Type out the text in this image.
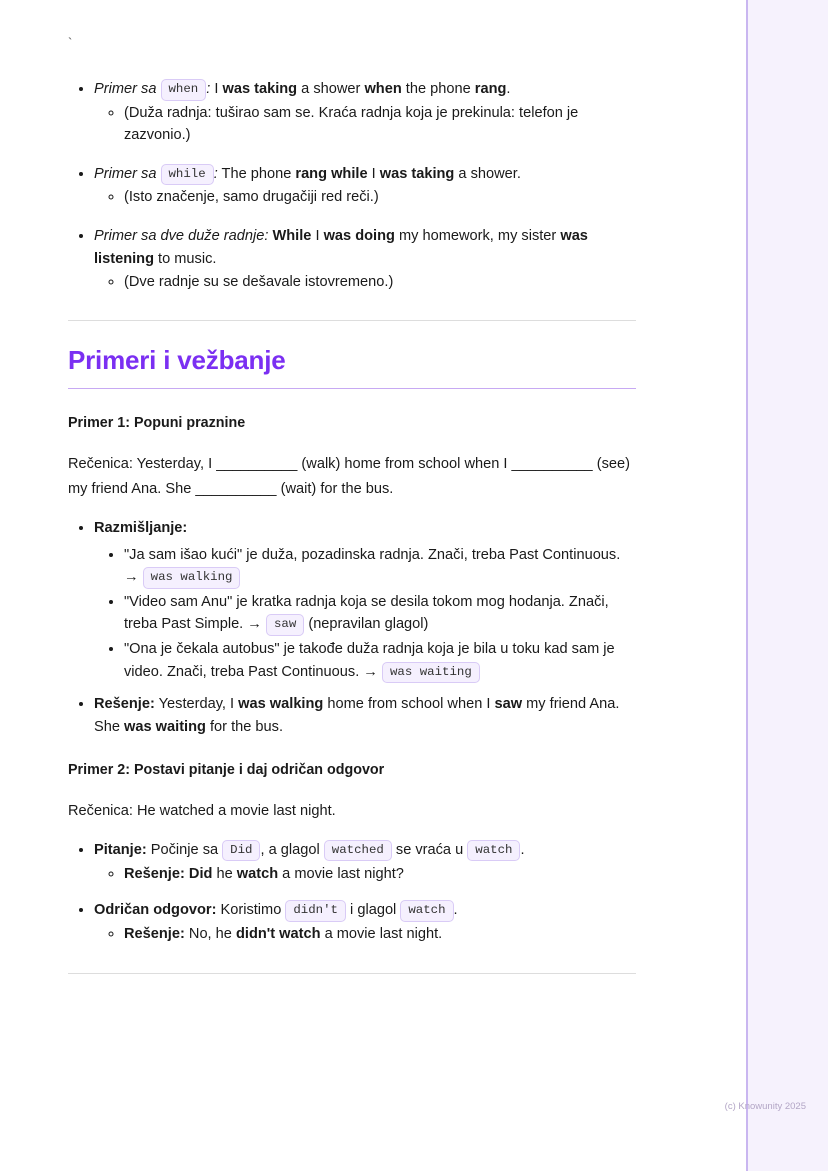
`
• Primer sa when : I was taking a shower when the phone rang.
◦ (Duža radnja: tuširao sam se. Kraća radnja koja je prekinula: telefon je zazvonio.)
• Primer sa while : The phone rang while I was taking a shower.
◦ (Isto značenje, samo drugačiji red reči.)
• Primer sa dve duže radnje: While I was doing my homework, my sister was listening to music.
◦ (Dve radnje su se dešavale istovremeno.)
Primeri i vežbanje

Primer 1: Popuni praznine

Rečenica: Yesterday, I __________ (walk) home from school when I __________ (see) my friend Ana. She __________ (wait) for the bus.

• Razmišljanje:
• "Ja sam išao kući" je duža, pozadinska radnja. Znači, treba Past Continuous. → was walking
• "Video sam Anu" je kratka radnja koja se desila tokom mog hodanja. Znači, treba Past Simple. → saw (nepravilan glagol)
• "Ona je čekala autobus" je takođe duža radnja koja je bila u toku kad sam je video. Znači, treba Past Continuous. → was waiting
• Rešenje: Yesterday, I was walking home from school when I saw my friend Ana. She was waiting for the bus.

Primer 2: Postavi pitanje i daj odričan odgovor

Rečenica: He watched a movie last night.

• Pitanje: Počinje sa Did , a glagol watched se vraća u watch .
◦ Rešenje: Did he watch a movie last night?
• Odričan odgovor: Koristimo didn't i glagol watch .
◦ Rešenje: No, he didn't watch a movie last night.
(c) Knowunity 2025
